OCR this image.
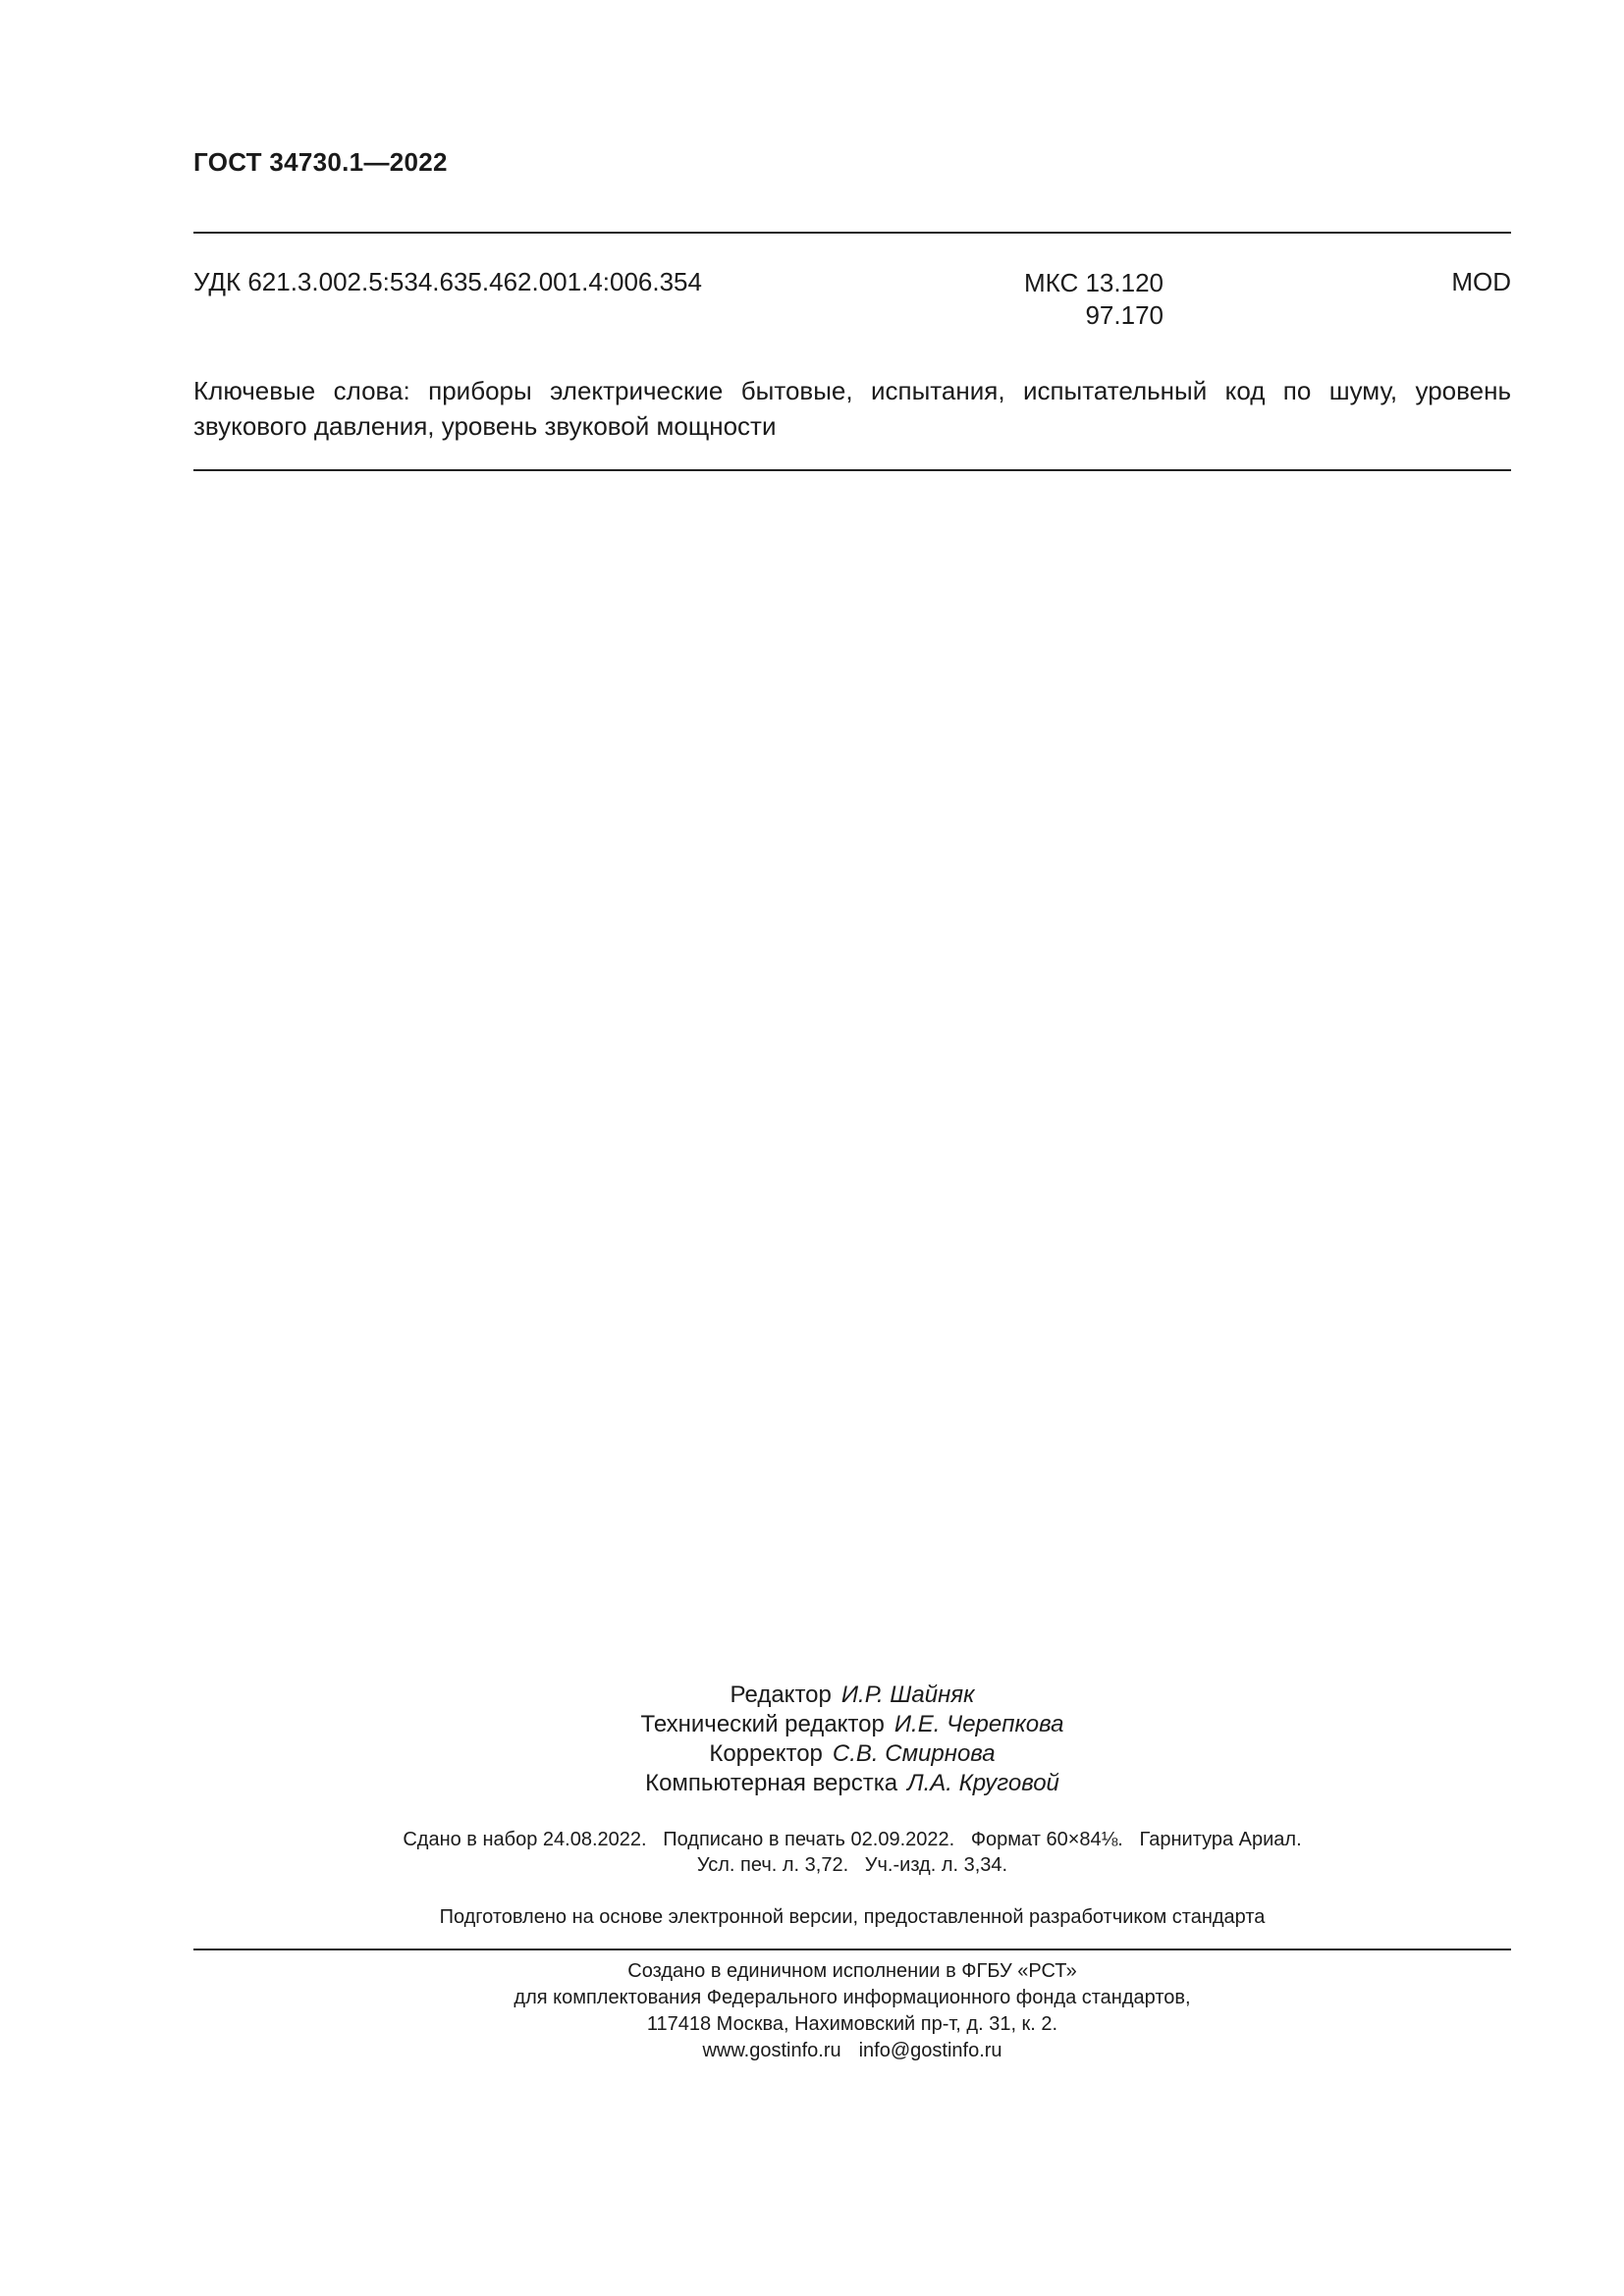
ГОСТ 34730.1—2022
УДК 621.3.002.5:534.635.462.001.4:006.354	МКС 13.120
97.170
MOD
Ключевые слова: приборы электрические бытовые, испытания, испытательный код по шуму, уровень звукового давления, уровень звуковой мощности
Редактор И.Р. Шайняк
Технический редактор И.Е. Черепкова
Корректор С.В. Смирнова
Компьютерная верстка Л.А. Круговой
Сдано в набор 24.08.2022.   Подписано в печать 02.09.2022.   Формат 60×84⅛.   Гарнитура Ариал.
Усл. печ. л. 3,72.   Уч.-изд. л. 3,34.
Подготовлено на основе электронной версии, предоставленной разработчиком стандарта
Создано в единичном исполнении в ФГБУ «РСТ»
для комплектования Федерального информационного фонда стандартов,
117418 Москва, Нахимовский пр-т, д. 31, к. 2.
www.gostinfo.ru info@gostinfo.ru
